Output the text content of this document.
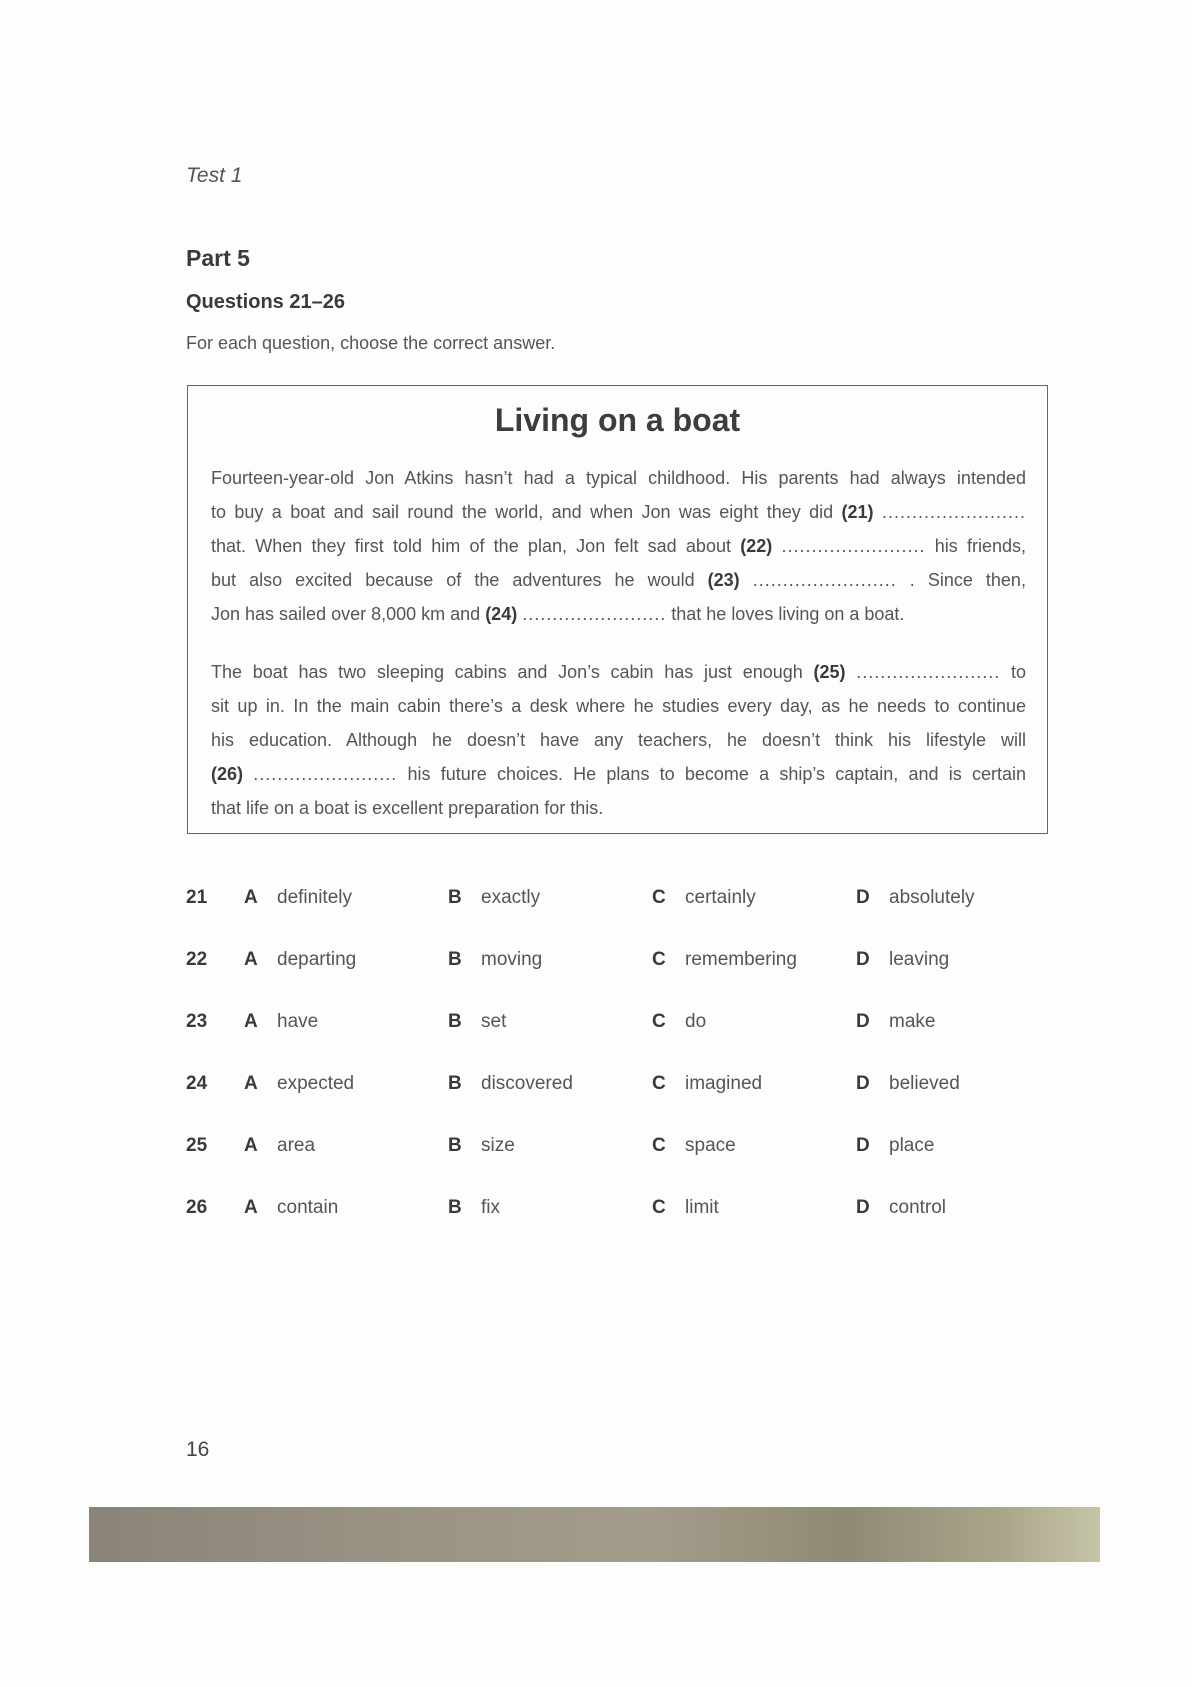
Test 1

Part 5
Questions 21–26

For each question, choose the correct answer.

Living on a boat
Fourteen-year-old Jon Atkins hasn’t had a typical childhood. His parents had always intended
to buy a boat and sail round the world, and when Jon was eight they did (21) ........................
that. When they first told him of the plan, Jon felt sad about (22) ........................ his friends,
but also excited because of the adventures he would (23) ........................ . Since then,
Jon has sailed over 8,000 km and (24) ........................ that he loves living on a boat.
The boat has two sleeping cabins and Jon’s cabin has just enough (25) ........................ to
sit up in. In the main cabin there’s a desk where he studies every day, as he needs to continue
his education. Although he doesn’t have any teachers, he doesn’t think his lifestyle will
(26) ........................ his future choices. He plans to become a ship’s captain, and is certain
that life on a boat is excellent preparation for this.
21 A definitely	B exactly	C certainly	D absolutely
22 A departing	B moving	C remembering	D leaving
23 A have	B set	C do	D make
24 A expected	B discovered	C imagined	D believed
25 A area	B size	C space	D place
26 A contain	B fix	C limit	D control

16
